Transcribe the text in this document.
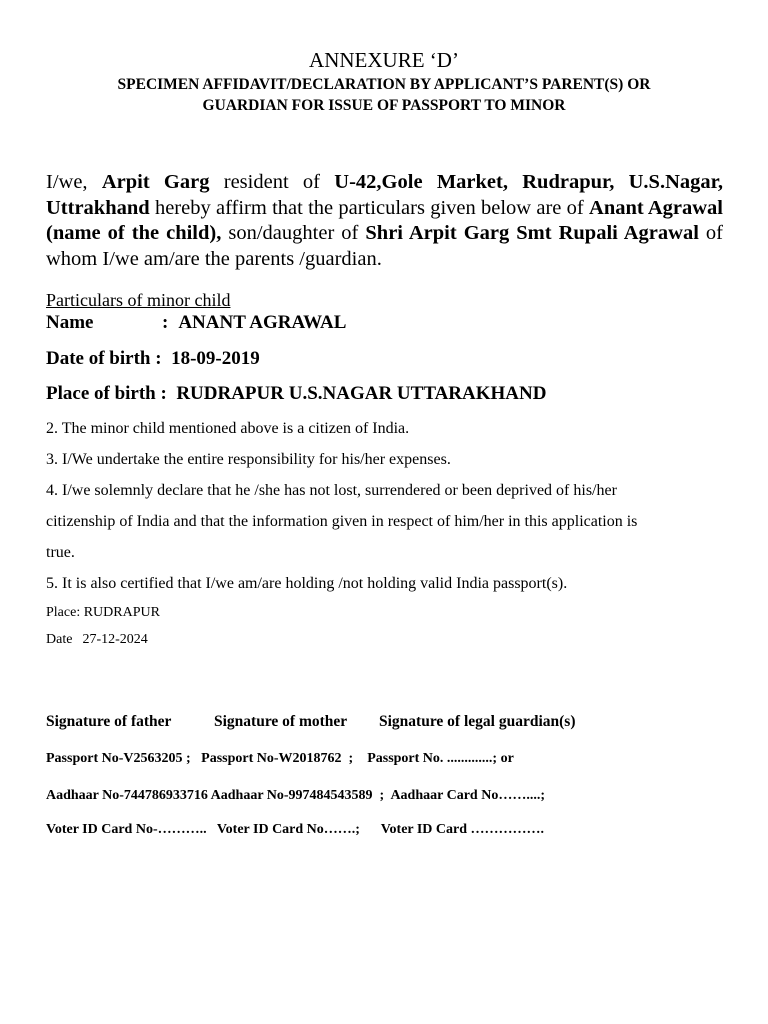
ANNEXURE ‘D’
SPECIMEN AFFIDAVIT/DECLARATION BY APPLICANT’S PARENT(S) OR
GUARDIAN FOR ISSUE OF PASSPORT TO MINOR
I/we, Arpit Garg resident of U-42,Gole Market, Rudrapur, U.S.Nagar, Uttrakhand hereby affirm that the particulars given below are of Anant Agrawal (name of the child), son/daughter of Shri Arpit Garg Smt Rupali Agrawal of whom I/we am/are the parents /guardian.
Particulars of minor child
Name	: ANANT AGRAWAL
Date of birth : 18-09-2019
Place of birth : RUDRAPUR U.S.NAGAR UTTARAKHAND
2. The minor child mentioned above is a citizen of India.
3. I/We undertake the entire responsibility for his/her expenses.
4. I/we solemnly declare that he /she has not lost, surrendered or been deprived of his/her
citizenship of India and that the information given in respect of him/her in this application is
true.
5. It is also certified that I/we am/are holding /not holding valid India passport(s).
Place: RUDRAPUR
Date 27-12-2024
Signature of father	Signature of mother Signature of legal guardian(s)
Passport No-V2563205 ;   Passport No-W2018762  ;    Passport No. .............; or
Aadhaar No-744786933716 Aadhaar No-997484543589  ;  Aadhaar Card No……....;
Voter ID Card No-………..   Voter ID Card No…….;      Voter ID Card …………….
